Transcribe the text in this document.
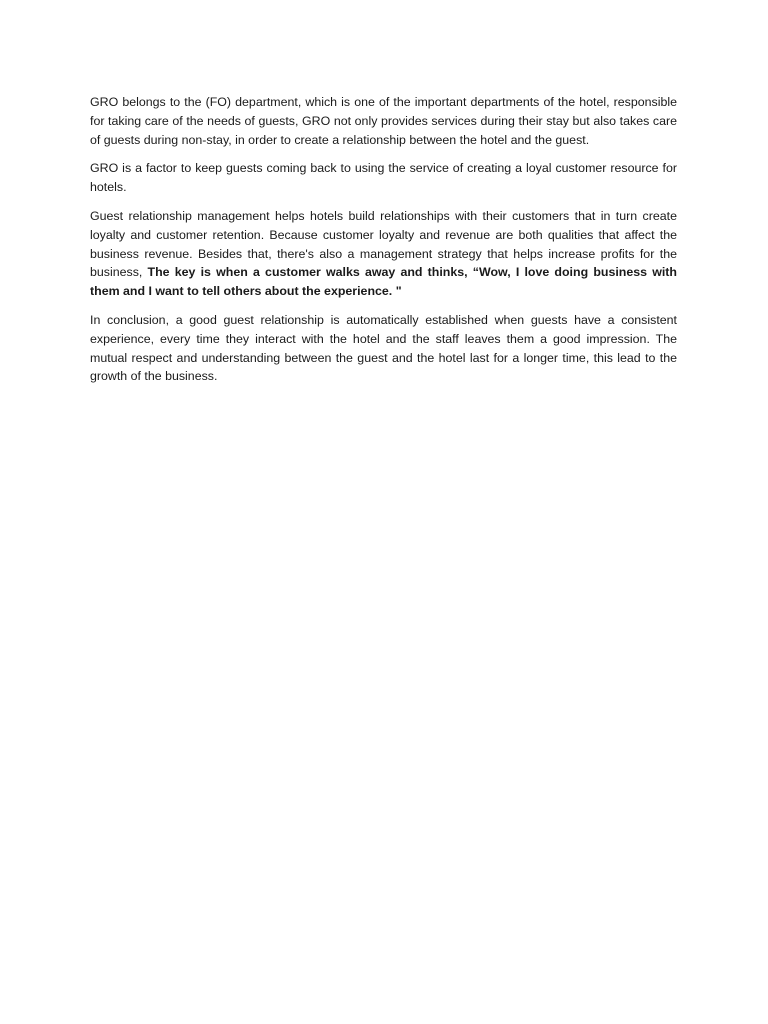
GRO belongs to the (FO) department, which is one of the important departments of the hotel, responsible for taking care of the needs of guests, GRO not only provides services during their stay but also takes care of guests during non-stay, in order to create a relationship between the hotel and the guest.

GRO is a factor to keep guests coming back to using the service of creating a loyal customer resource for hotels.

Guest relationship management helps hotels build relationships with their customers that in turn create loyalty and customer retention. Because customer loyalty and revenue are both qualities that affect the business revenue. Besides that, there's also a management strategy that helps increase profits for the business, The key is when a customer walks away and thinks, “Wow, I love doing business with them and I want to tell others about the experience. "

In conclusion, a good guest relationship is automatically established when guests have a consistent experience, every time they interact with the hotel and the staff leaves them a good impression. The mutual respect and understanding between the guest and the hotel last for a longer time, this lead to the growth of the business.
